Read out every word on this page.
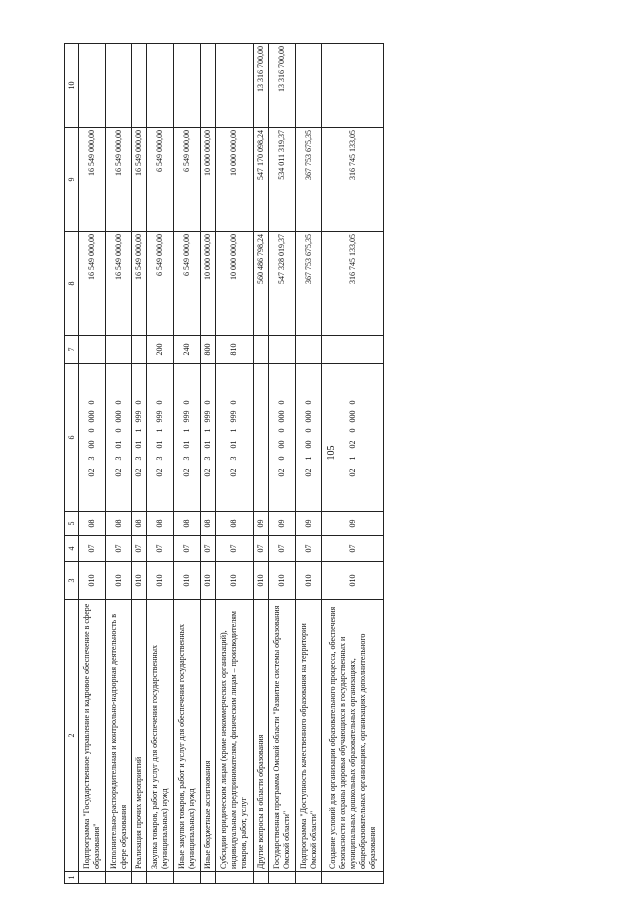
105
1	2	3	4	5	6	7	8	9	10
	Подпрограмма "Государственное управление и кадровое обеспечение в сфере образования"	010	07	08	0230000000		16 549 000,00	16 549 000,00	
	Исполнительно-распорядительная и контрольно-надзорная деятельность в сфере образования	010	07	08	0230100000		16 549 000,00	16 549 000,00	
	Реализация прочих мероприятий	010	07	08	0230119990		16 549 000,00	16 549 000,00	
	Закупка товаров, работ и услуг для обеспечения государственных (муниципальных) нужд	010	07	08	0230119990	200	6 549 000,00	6 549 000,00	
	Иные закупки товаров, работ и услуг для обеспечения государственных (муниципальных) нужд	010	07	08	0230119990	240	6 549 000,00	6 549 000,00	
	Иные бюджетные ассигнования	010	07	08	0230119990	800	10 000 000,00	10 000 000,00	
	Субсидии юридическим лицам (кроме некоммерческих организаций), индивидуальным предпринимателям, физическим лицам – производителям товаров, работ, услуг	010	07	08	0230119990	810	10 000 000,00	10 000 000,00	
	Другие вопросы в области образования	010	07	09			560 486 798,24	547 170 098,24	13 316 700,00
	Государственная программа Омской области "Развитие системы образования Омской области"	010	07	09	0200000000		547 328 019,37	534 011 319,37	13 316 700,00
	Подпрограмма "Доступность качественного образования на территории Омской области"	010	07	09	0210000000		367 753 675,35	367 753 675,35	
	Создание условий для организации образовательного процесса, обеспечения безопасности и охраны здоровья обучающихся в государственных и муниципальных дошкольных образовательных организациях, общеобразовательных организациях, организациях дополнительного образования	010	07	09	0210200000		316 745 133,05	316 745 133,05	
